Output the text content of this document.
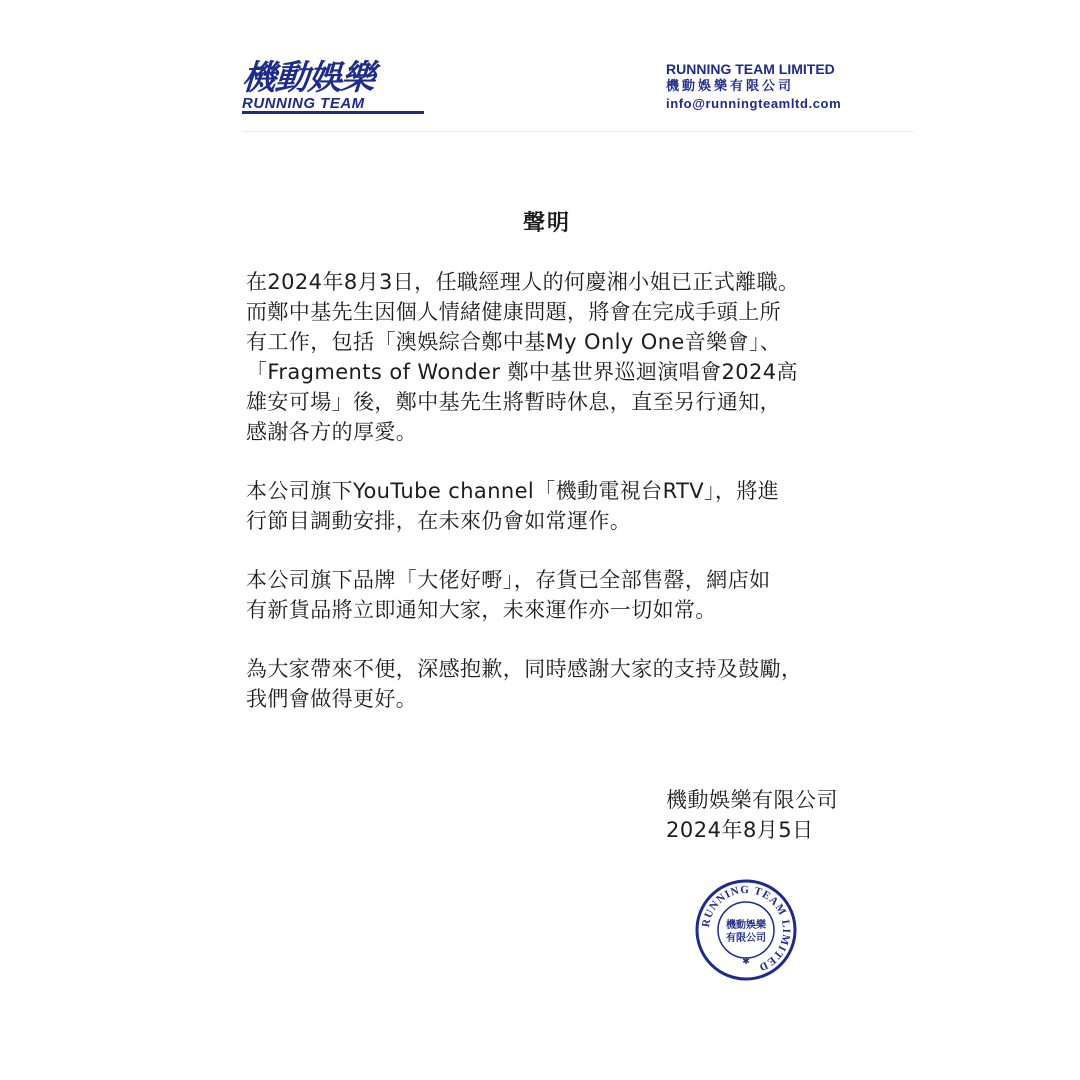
機動娛樂
RUNNING TEAM
RUNNING TEAM LIMITED
機動娛樂有限公司
info@runningteamltd.com
聲明

在2024年8月3日，任職經理人的何慶湘小姐已正式離職。
而鄭中基先生因個人情緒健康問題，將會在完成手頭上所
有工作，包括「澳娛綜合鄭中基My Only One音樂會」、
「Fragments of Wonder 鄭中基世界巡迴演唱會2024高
雄安可場」後，鄭中基先生將暫時休息，直至另行通知，
感謝各方的厚愛。

本公司旗下YouTube channel「機動電視台RTV」，將進
行節目調動安排，在未來仍會如常運作。

本公司旗下品牌「大佬好嘢」，存貨已全部售罄，網店如
有新貨品將立即通知大家，未來運作亦一切如常。

為大家帶來不便，深感抱歉，同時感謝大家的支持及鼓勵，
我們會做得更好。

機動娛樂有限公司
2024年8月5日
RUNNING TEAM LIMITED
機動娛樂
有限公司
✱
